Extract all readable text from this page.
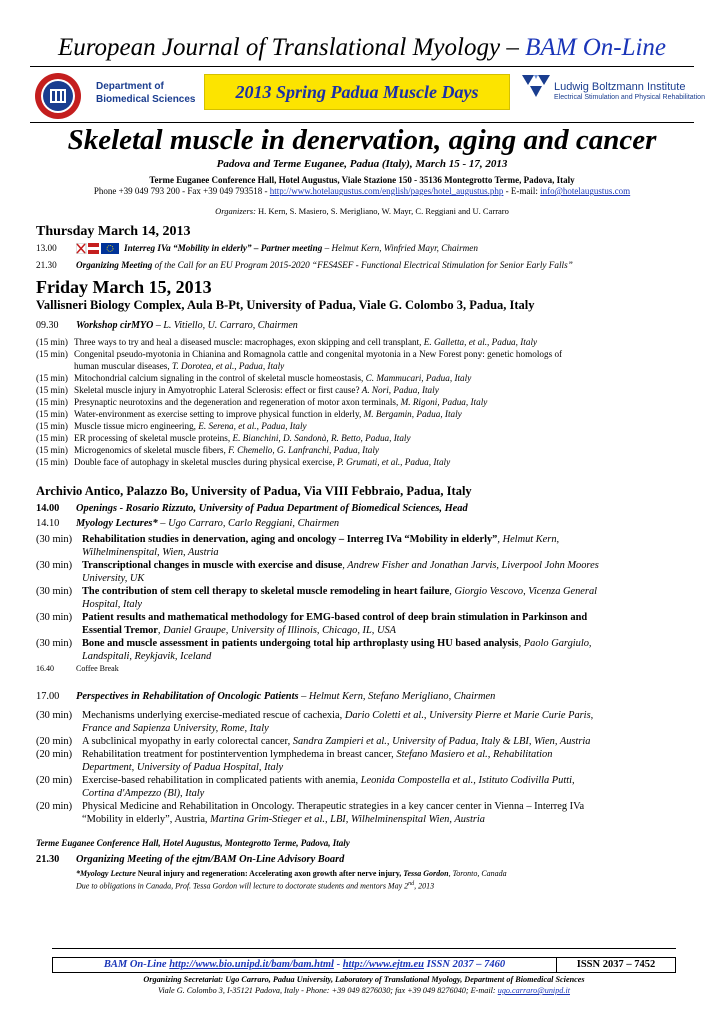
European Journal of Translational Myology – BAM On-Line
Department of
Biomedical Sciences	2013 Spring Padua Muscle Days	Ludwig Boltzmann Institute
Electrical Stimulation and Physical Rehabilitation
Skeletal muscle in denervation, aging and cancer
Padova and Terme Euganee, Padua (Italy), March 15 - 17, 2013
Terme Euganee Conference Hall, Hotel Augustus, Viale Stazione 150 - 35136 Montegrotto Terme, Padova, Italy
Phone +39 049 793 200 - Fax +39 049 793518 - http://www.hotelaugustus.com/english/pages/hotel_augustus.php - E-mail: info@hotelaugustus.com
Organizers: H. Kern, S. Masiero, S. Merigliano, W. Mayr, C. Reggiani and U. Carraro
Thursday March 14, 2013
13.00	Interreg IVa “Mobility in elderly” – Partner meeting – Helmut Kern, Winfried Mayr, Chairmen
21.30 Organizing Meeting of the Call for an EU Program 2015-2020 “FES4SEF - Functional Electrical Stimulation for Senior Early Falls”
Friday March 15, 2013
Vallisneri Biology Complex, Aula B-Pt, University of Padua, Viale G. Colombo 3, Padua, Italy
09.30 Workshop cirMYO – L. Vitiello, U. Carraro, Chairmen
(15 min) Three ways to try and heal a diseased muscle: macrophages, exon skipping and cell transplant, E. Galletta, et al., Padua, Italy
(15 min) Congenital pseudo-myotonia in Chianina and Romagnola cattle and congenital myotonia in a New Forest pony: genetic homologs of
human muscular diseases, T. Dorotea, et al., Padua, Italy
(15 min) Mitochondrial calcium signaling in the control of skeletal muscle homeostasis, C. Mammucari, Padua, Italy
(15 min) Skeletal muscle injury in Amyotrophic Lateral Sclerosis: effect or first cause? A. Nori, Padua, Italy
(15 min) Presynaptic neurotoxins and the degeneration and regeneration of motor axon terminals, M. Rigoni, Padua, Italy
(15 min) Water-environment as exercise setting to improve physical function in elderly, M. Bergamin, Padua, Italy
(15 min) Muscle tissue micro engineering, E. Serena, et al., Padua, Italy
(15 min) ER processing of skeletal muscle proteins, E. Bianchini, D. Sandonà, R. Betto, Padua, Italy
(15 min) Microgenomics of skeletal muscle fibers, F. Chemello, G. Lanfranchi, Padua, Italy
(15 min) Double face of autophagy in skeletal muscles during physical exercise, P. Grumati, et al., Padua, Italy
Archivio Antico, Palazzo Bo, University of Padua, Via VIII Febbraio, Padua, Italy
14.00 Openings - Rosario Rizzuto, University of Padua Department of Biomedical Sciences, Head
14.10 Myology Lectures* – Ugo Carraro, Carlo Reggiani, Chairmen
(30 min) Rehabilitation studies in denervation, aging and oncology – Interreg IVa “Mobility in elderly”, Helmut Kern,
Wilhelminenspital, Wien, Austria
(30 min) Transcriptional changes in muscle with exercise and disuse, Andrew Fisher and Jonathan Jarvis, Liverpool John Moores
University, UK
(30 min) The contribution of stem cell therapy to skeletal muscle remodeling in heart failure, Giorgio Vescovo, Vicenza General
Hospital, Italy
(30 min) Patient results and mathematical methodology for EMG-based control of deep brain stimulation in Parkinson and
Essential Tremor, Daniel Graupe, University of Illinois, Chicago, IL, USA
(30 min) Bone and muscle assessment in patients undergoing total hip arthroplasty using HU based analysis, Paolo Gargiulo,
Landspitali, Reykjavik, Iceland
16.40	Coffee Break
17.00 Perspectives in Rehabilitation of Oncologic Patients – Helmut Kern, Stefano Merigliano, Chairmen
(30 min) Mechanisms underlying exercise-mediated rescue of cachexia, Dario Coletti et al., University Pierre et Marie Curie Paris,
France and Sapienza University, Rome, Italy
(20 min) A subclinical myopathy in early colorectal cancer, Sandra Zampieri et al., University of Padua, Italy & LBI, Wien, Austria
(20 min) Rehabilitation treatment for postintervention lymphedema in breast cancer, Stefano Masiero et al., Rehabilitation
Department, University of Padua Hospital, Italy
(20 min) Exercise-based rehabilitation in complicated patients with anemia, Leonida Compostella et al., Istituto Codivilla Putti,
Cortina d'Ampezzo (Bl), Italy
(20 min) Physical Medicine and Rehabilitation in Oncology. Therapeutic strategies in a key cancer center in Vienna – Interreg IVa
“Mobility in elderly”, Austria, Martina Grim-Stieger et al., LBI, Wilhelminenspital Wien, Austria
Terme Euganee Conference Hall, Hotel Augustus, Montegrotto Terme, Padova, Italy
21.30 Organizing Meeting of the ejtm/BAM On-Line Advisory Board
*Myology Lecture Neural injury and regeneration: Accelerating axon growth after nerve injury, Tessa Gordon, Toronto, Canada
Due to obligations in Canada, Prof. Tessa Gordon will lecture to doctorate students and mentors May 2nd, 2013
BAM On-Line http://www.bio.unipd.it/bam/bam.html - http://www.ejtm.eu ISSN 2037 – 7460	ISSN 2037 – 7452
Organizing Secretariat: Ugo Carraro, Padua University, Laboratory of Translational Myology, Department of Biomedical Sciences
Viale G. Colombo 3, I-35121 Padova, Italy - Phone: +39 049 8276030; fax +39 049 8276040; E-mail: ugo.carraro@unipd.it
